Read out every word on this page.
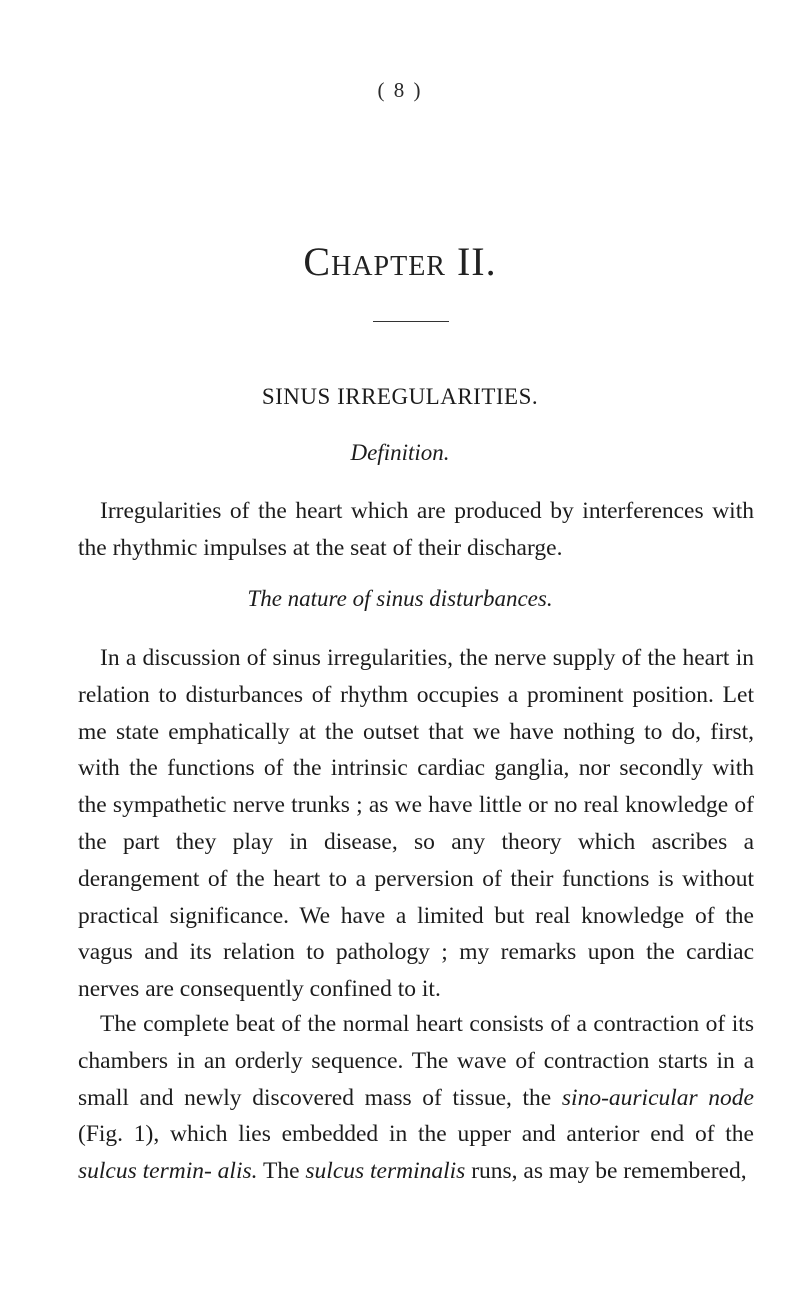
( 8 )
Chapter II.
SINUS IRREGULARITIES.
Definition.

Irregularities of the heart which are produced by interferences with the rhythmic impulses at the seat of their discharge.

The nature of sinus disturbances.

In a discussion of sinus irregularities, the nerve supply of the heart in relation to disturbances of rhythm occupies a prominent position. Let me state emphatically at the outset that we have nothing to do, first, with the functions of the intrinsic cardiac ganglia, nor secondly with the sympathetic nerve trunks ; as we have little or no real knowledge of the part they play in disease, so any theory which ascribes a derangement of the heart to a perversion of their functions is without practical significance. We have a limited but real knowledge of the vagus and its relation to pathology ; my remarks upon the cardiac nerves are consequently confined to it.

The complete beat of the normal heart consists of a contraction of its chambers in an orderly sequence. The wave of contraction starts in a small and newly discovered mass of tissue, the sino-auricular node (Fig. 1), which lies embedded in the upper and anterior end of the sulcus termin- alis. The sulcus terminalis runs, as may be remembered,
